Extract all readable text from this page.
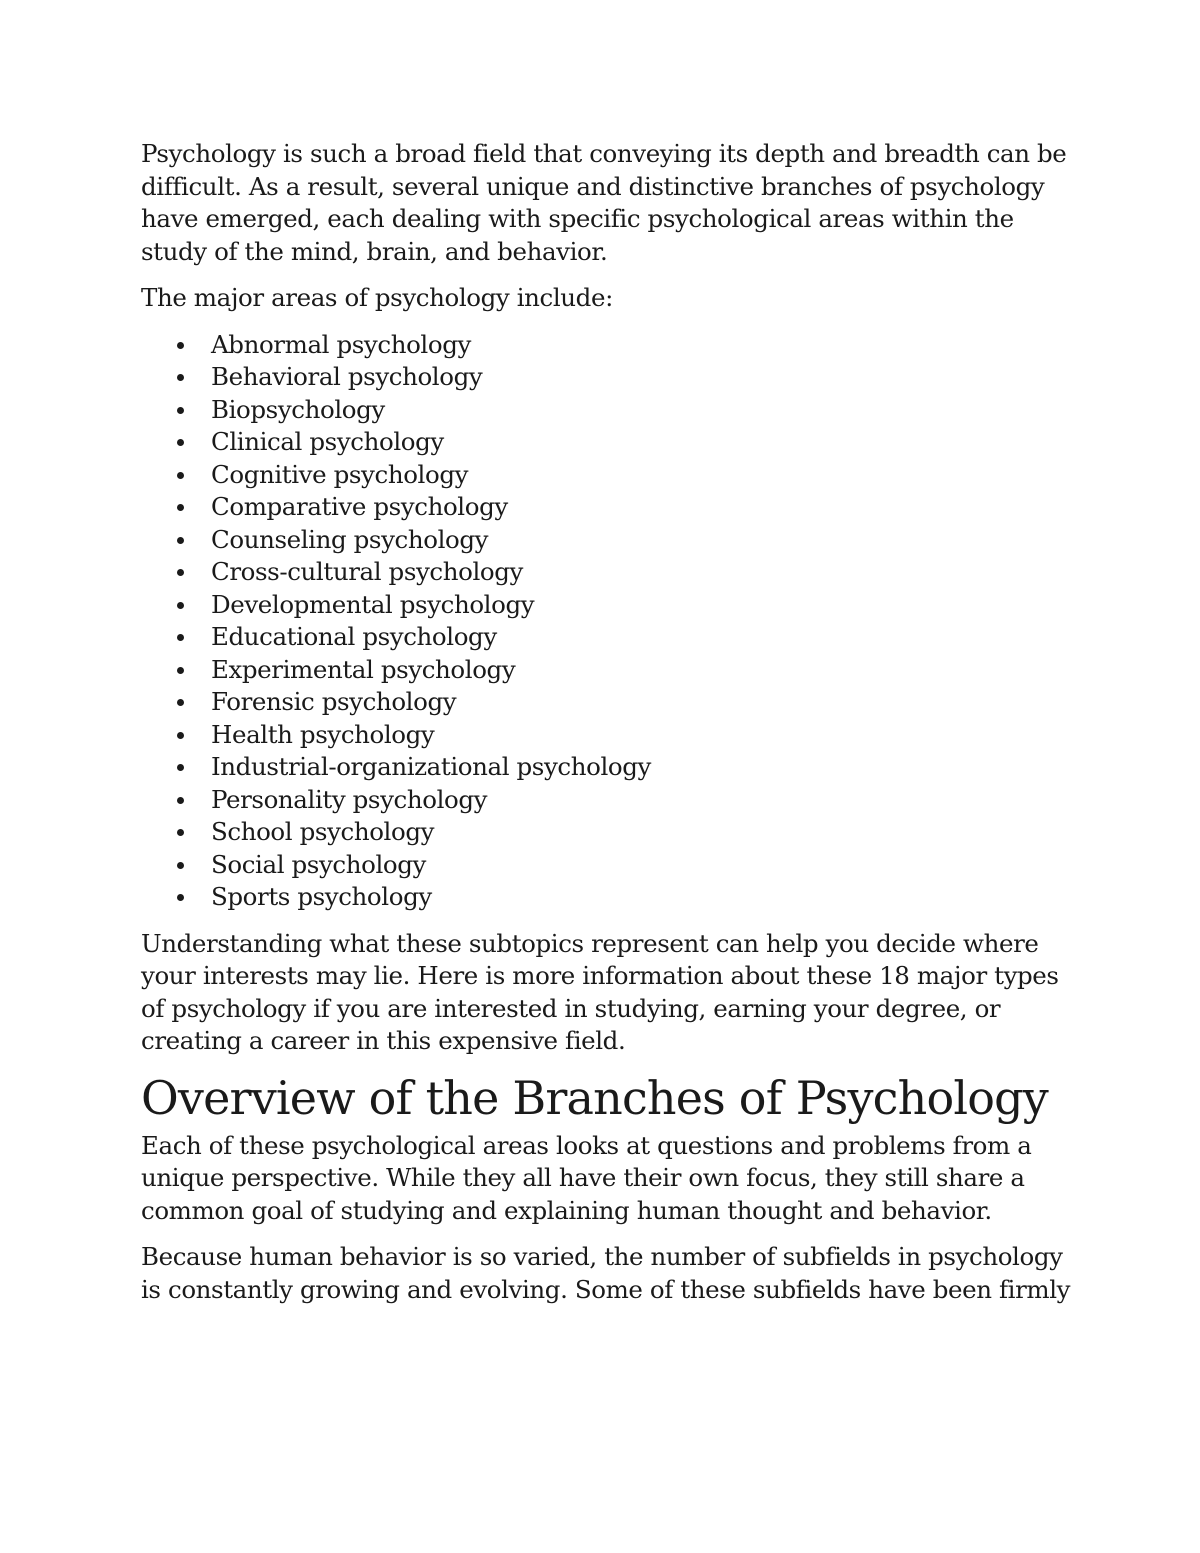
Psychology is such a broad field that conveying its depth and breadth can be difficult. As a result, several unique and distinctive branches of psychology have emerged, each dealing with specific psychological areas within the study of the mind, brain, and behavior.

The major areas of psychology include:

Abnormal psychology
Behavioral psychology
Biopsychology
Clinical psychology
Cognitive psychology
Comparative psychology
Counseling psychology
Cross-cultural psychology
Developmental psychology
Educational psychology
Experimental psychology
Forensic psychology
Health psychology
Industrial-organizational psychology
Personality psychology
School psychology
Social psychology
Sports psychology

Understanding what these subtopics represent can help you decide where your interests may lie. Here is more information about these 18 major types of psychology if you are interested in studying, earning your degree, or creating a career in this expensive field.

Overview of the Branches of Psychology

Each of these psychological areas looks at questions and problems from a unique perspective. While they all have their own focus, they still share a common goal of studying and explaining human thought and behavior.

Because human behavior is so varied, the number of subfields in psychology is constantly growing and evolving. Some of these subfields have been firmly
